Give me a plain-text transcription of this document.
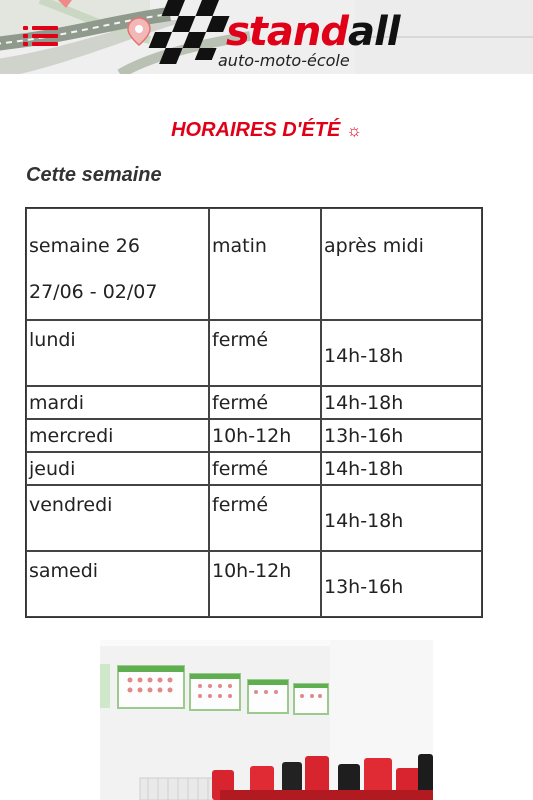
standall
auto-moto-école
HORAIRES D'ÉTÉ ☼
Cette semaine
semaine 26
27/06 - 02/07	matin	après midi
lundi	fermé	14h-18h
mardi	fermé	14h-18h
mercredi	10h-12h	13h-16h
jeudi	fermé	14h-18h
vendredi	fermé	14h-18h
samedi	10h-12h	13h-16h
